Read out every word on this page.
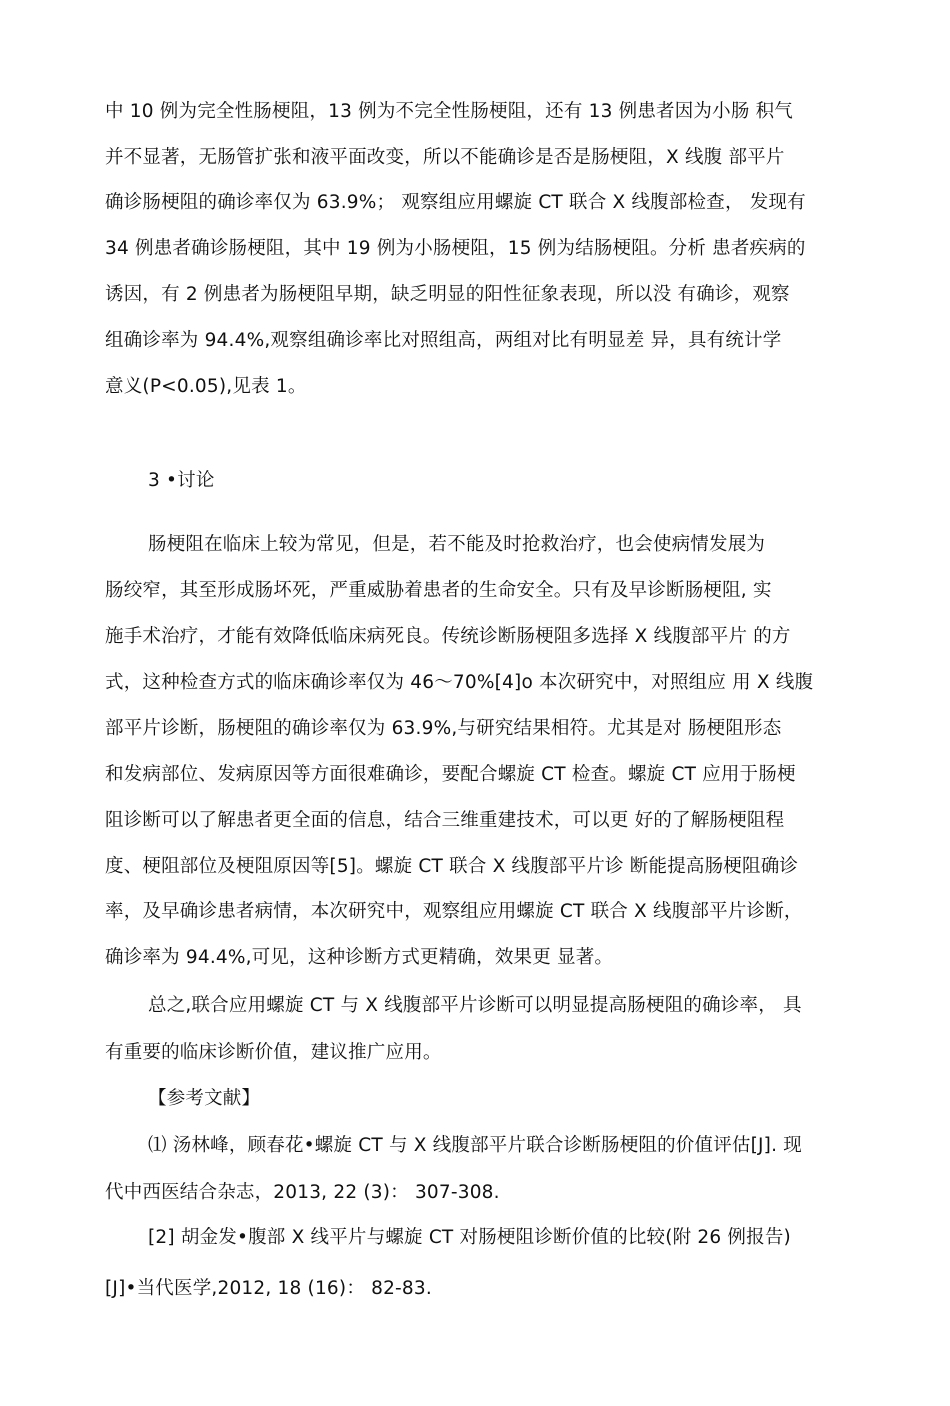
中 10 例为完全性肠梗阻，13 例为不完全性肠梗阻，还有 13 例患者因为小肠 积气
并不显著，无肠管扩张和液平面改变，所以不能确诊是否是肠梗阻，X 线腹 部平片
确诊肠梗阻的确诊率仅为 63.9%； 观察组应用螺旋 CT 联合 X 线腹部检查， 发现有
34 例患者确诊肠梗阻，其中 19 例为小肠梗阻，15 例为结肠梗阻。分析 患者疾病的
诱因，有 2 例患者为肠梗阻早期，缺乏明显的阳性征象表现，所以没 有确诊，观察
组确诊率为 94.4%,观察组确诊率比对照组高，两组对比有明显差 异，具有统计学
意义(P<0.05),见表 1。
3 •讨论
肠梗阻在临床上较为常见，但是，若不能及时抢救治疗，也会使病情发展为
肠绞窄，其至形成肠坏死，严重威胁着患者的生命安全。只有及早诊断肠梗阻, 实
施手术治疗，才能有效降低临床病死良。传统诊断肠梗阻多选择 X 线腹部平片 的方
式，这种检查方式的临床确诊率仅为 46〜70%[4]o 本次研究中，对照组应 用 X 线腹
部平片诊断，肠梗阻的确诊率仅为 63.9%,与研究结果相符。尤其是对 肠梗阻形态
和发病部位、发病原因等方面很难确诊，要配合螺旋 CT 检查。螺旋 CT 应用于肠梗
阻诊断可以了解患者更全面的信息，结合三维重建技术，可以更 好的了解肠梗阻程
度、梗阻部位及梗阻原因等[5]。螺旋 CT 联合 X 线腹部平片诊 断能提高肠梗阻确诊
率，及早确诊患者病情，本次研究中，观察组应用螺旋 CT 联合 X 线腹部平片诊断，
确诊率为 94.4%,可见，这种诊断方式更精确，效果更 显著。
总之,联合应用螺旋 CT 与 X 线腹部平片诊断可以明显提高肠梗阻的确诊率， 具
有重要的临床诊断价值，建议推广应用。
【参考文献】
⑴ 汤林峰，顾春花•螺旋 CT 与 X 线腹部平片联合诊断肠梗阻的价值评估[J]. 现
代中西医结合杂志，2013, 22 (3)： 307-308.
[2] 胡金发•腹部 X 线平片与螺旋 CT 对肠梗阻诊断价值的比较(附 26 例报告)
[J]•当代医学,2012, 18 (16)： 82-83.
